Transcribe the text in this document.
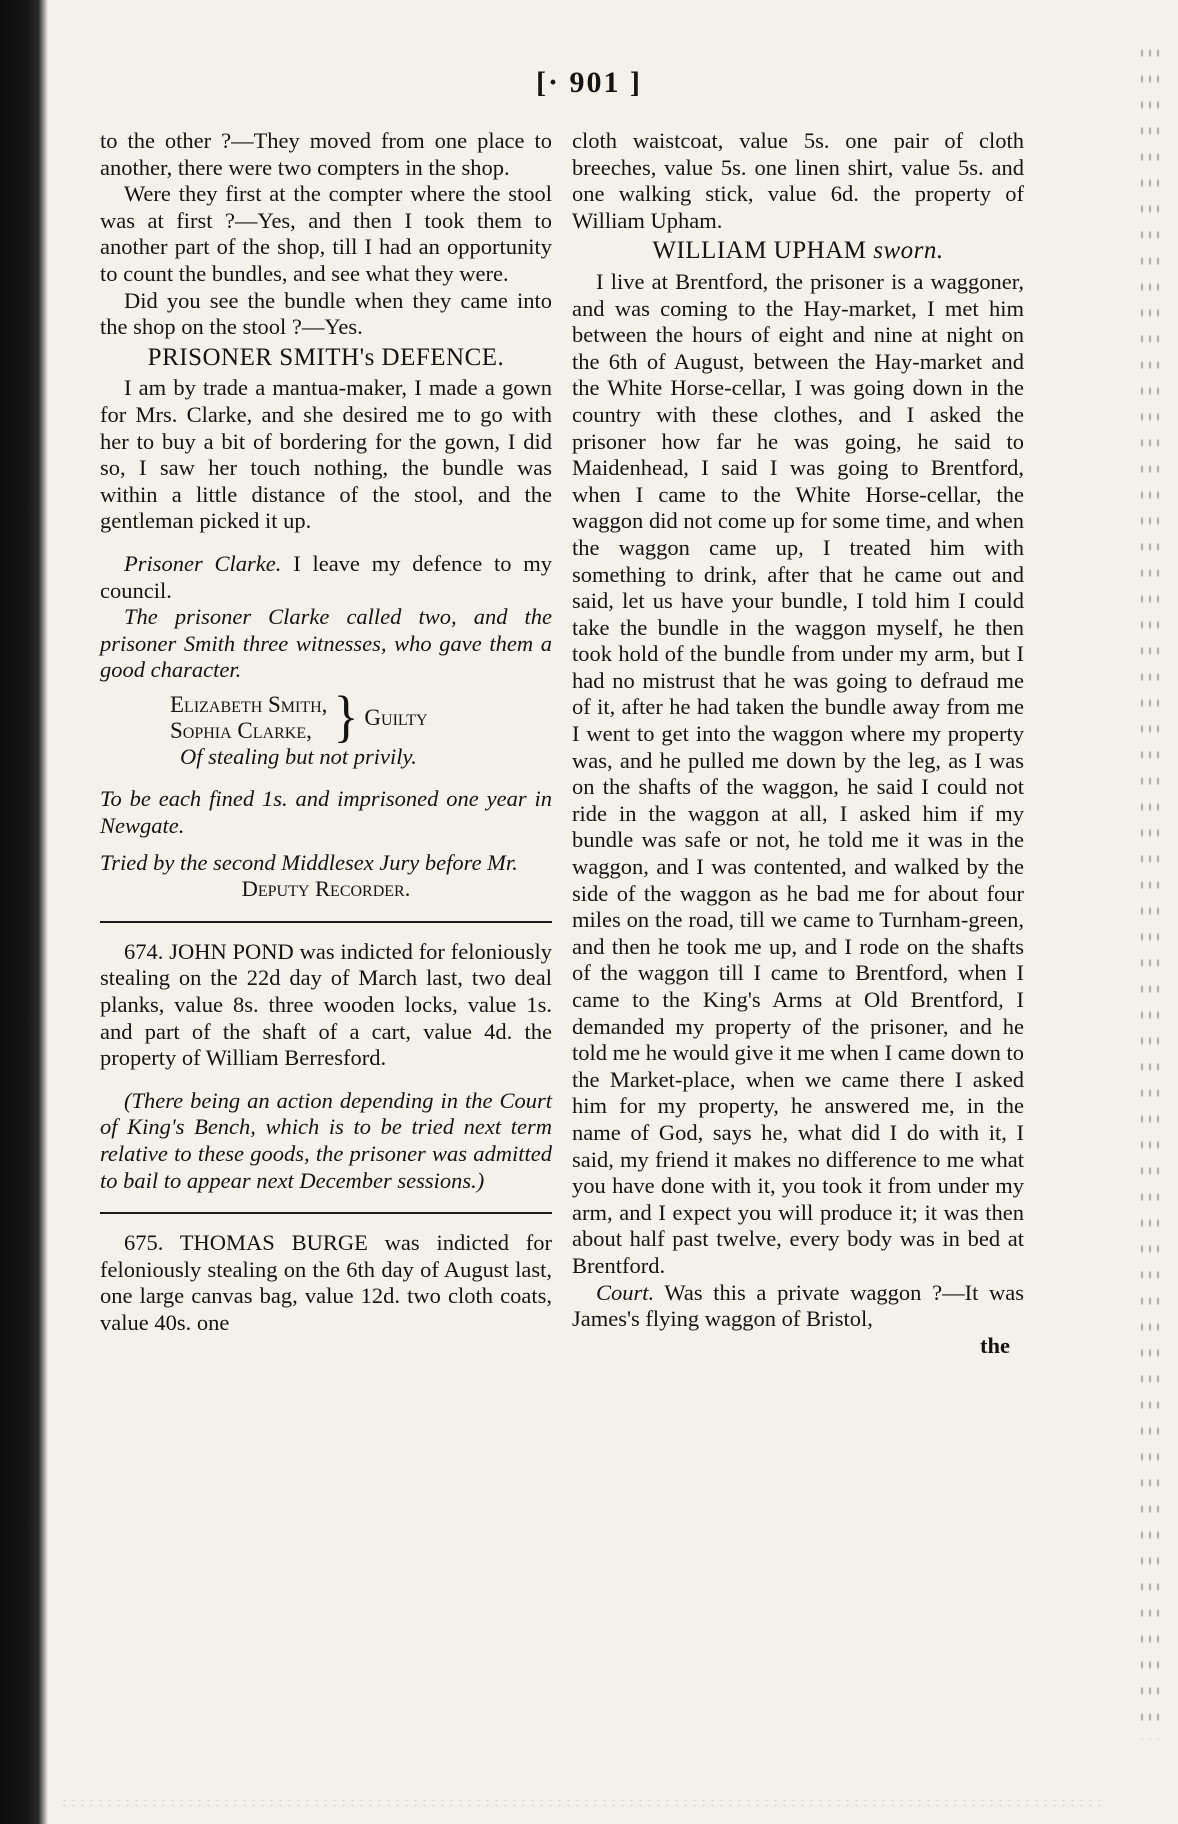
[· 901 ]

to the other ?—They moved from one place to another, there were two compters in the shop.

Were they first at the compter where the stool was at first ?—Yes, and then I took them to another part of the shop, till I had an opportunity to count the bundles, and see what they were.

Did you see the bundle when they came into the shop on the stool ?—Yes.

PRISONER SMITH's DEFENCE.

I am by trade a mantua-maker, I made a gown for Mrs. Clarke, and she desired me to go with her to buy a bit of bordering for the gown, I did so, I saw her touch nothing, the bundle was within a little distance of the stool, and the gentleman picked it up.

Prisoner Clarke. I leave my defence to my council.

The prisoner Clarke called two, and the prisoner Smith three witnesses, who gave them a good character.

Elizabeth Smith,
Sophia Clarke, } Guilty

Of stealing but not privily.

To be each fined 1s. and imprisoned one year in Newgate.

Tried by the second Middlesex Jury before Mr.

Deputy Recorder.

674. JOHN POND was indicted for feloniously stealing on the 22d day of March last, two deal planks, value 8s. three wooden locks, value 1s. and part of the shaft of a cart, value 4d. the property of William Berresford.

(There being an action depending in the Court of King's Bench, which is to be tried next term relative to these goods, the prisoner was admitted to bail to appear next December sessions.)

675. THOMAS BURGE was indicted for feloniously stealing on the 6th day of August last, one large canvas bag, value 12d. two cloth coats, value 40s. one

cloth waistcoat, value 5s. one pair of cloth breeches, value 5s. one linen shirt, value 5s. and one walking stick, value 6d. the property of William Upham.

WILLIAM UPHAM sworn.

I live at Brentford, the prisoner is a waggoner, and was coming to the Hay-market, I met him between the hours of eight and nine at night on the 6th of August, between the Hay-market and the White Horse-cellar, I was going down in the country with these clothes, and I asked the prisoner how far he was going, he said to Maidenhead, I said I was going to Brentford, when I came to the White Horse-cellar, the waggon did not come up for some time, and when the waggon came up, I treated him with something to drink, after that he came out and said, let us have your bundle, I told him I could take the bundle in the waggon myself, he then took hold of the bundle from under my arm, but I had no mistrust that he was going to defraud me of it, after he had taken the bundle away from me I went to get into the waggon where my property was, and he pulled me down by the leg, as I was on the shafts of the waggon, he said I could not ride in the waggon at all, I asked him if my bundle was safe or not, he told me it was in the waggon, and I was contented, and walked by the side of the waggon as he bad me for about four miles on the road, till we came to Turnham-green, and then he took me up, and I rode on the shafts of the waggon till I came to Brentford, when I came to the King's Arms at Old Brentford, I demanded my property of the prisoner, and he told me he would give it me when I came down to the Market-place, when we came there I asked him for my property, he answered me, in the name of God, says he, what did I do with it, I said, my friend it makes no difference to me what you have done with it, you took it from under my arm, and I expect you will produce it; it was then about half past twelve, every body was in bed at Brentford.

Court. Was this a private waggon ?—It was James's flying waggon of Bristol,

the
